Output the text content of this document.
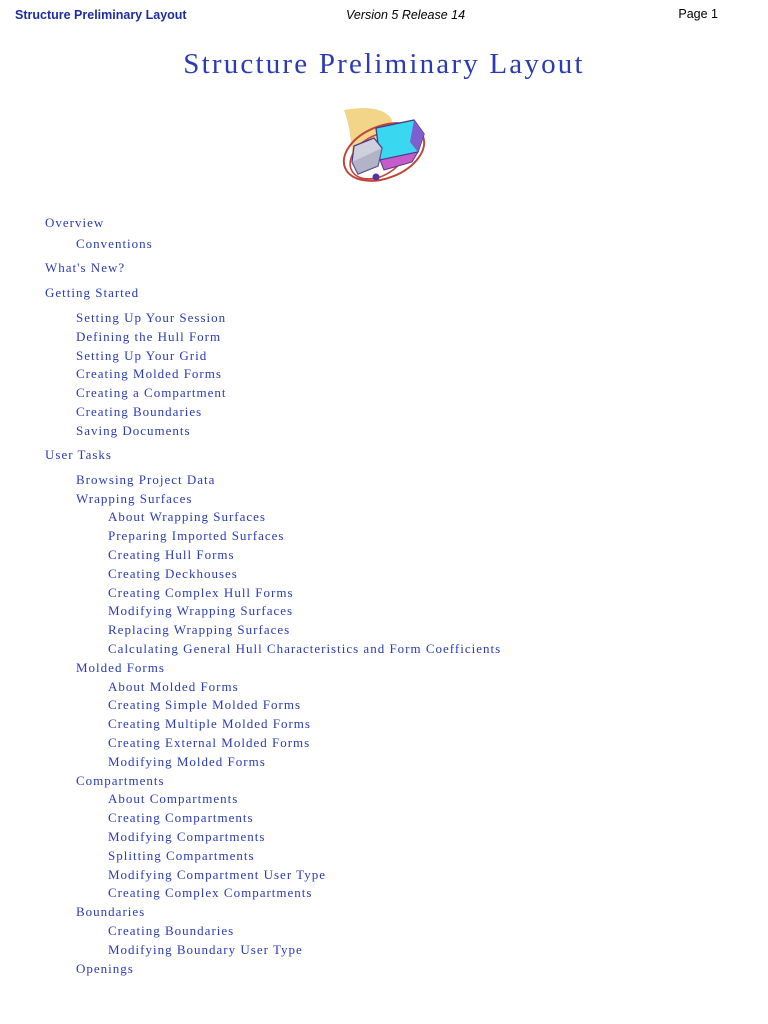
Structure Preliminary Layout	Version 5 Release 14	Page 1
Structure Preliminary Layout
Overview
Conventions
What's New?
Getting Started
Setting Up Your Session
Defining the Hull Form
Setting Up Your Grid
Creating Molded Forms
Creating a Compartment
Creating Boundaries
Saving Documents
User Tasks
Browsing Project Data
Wrapping Surfaces
About Wrapping Surfaces
Preparing Imported Surfaces
Creating Hull Forms
Creating Deckhouses
Creating Complex Hull Forms
Modifying Wrapping Surfaces
Replacing Wrapping Surfaces
Calculating General Hull Characteristics and Form Coefficients
Molded Forms
About Molded Forms
Creating Simple Molded Forms
Creating Multiple Molded Forms
Creating External Molded Forms
Modifying Molded Forms
Compartments
About Compartments
Creating Compartments
Modifying Compartments
Splitting Compartments
Modifying Compartment User Type
Creating Complex Compartments
Boundaries
Creating Boundaries
Modifying Boundary User Type
Openings
